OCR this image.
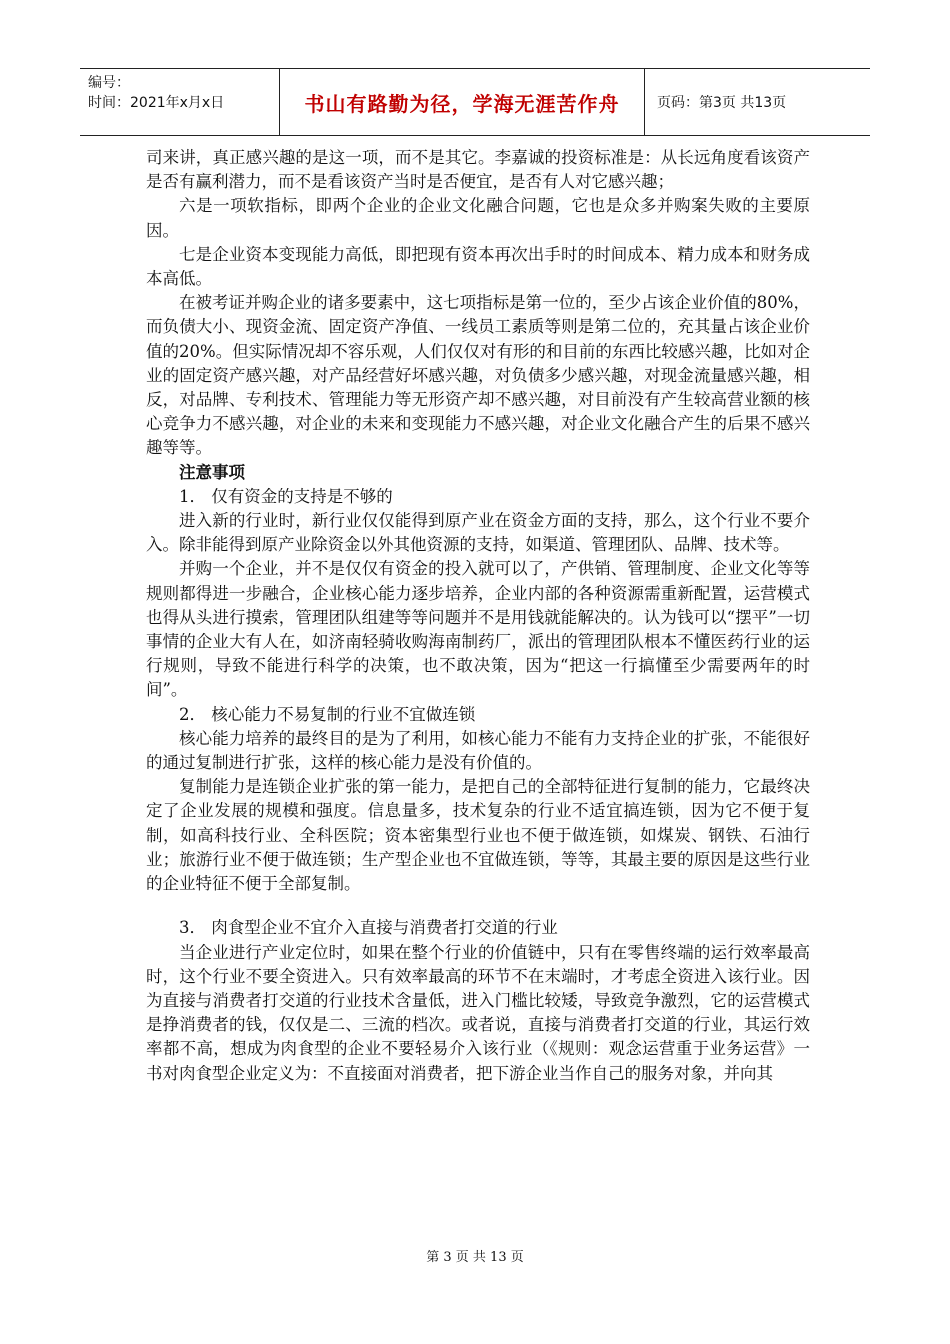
编号：
时间：2021年x月x日	书山有路勤为径，学海无涯苦作舟	页码：第3页 共13页

司来讲，真正感兴趣的是这一项，而不是其它。李嘉诚的投资标准是：从长远角度看该资产是否有赢利潜力，而不是看该资产当时是否便宜，是否有人对它感兴趣；

六是一项软指标，即两个企业的企业文化融合问题，它也是众多并购案失败的主要原因。

七是企业资本变现能力高低，即把现有资本再次出手时的时间成本、精力成本和财务成本高低。

在被考证并购企业的诸多要素中，这七项指标是第一位的，至少占该企业价值的80%，而负债大小、现资金流、固定资产净值、一线员工素质等则是第二位的，充其量占该企业价值的20%。但实际情况却不容乐观，人们仅仅对有形的和目前的东西比较感兴趣，比如对企业的固定资产感兴趣，对产品经营好坏感兴趣，对负债多少感兴趣，对现金流量感兴趣，相反，对品牌、专利技术、管理能力等无形资产却不感兴趣，对目前没有产生较高营业额的核心竞争力不感兴趣，对企业的未来和变现能力不感兴趣，对企业文化融合产生的后果不感兴趣等等。

注意事项
1． 仅有资金的支持是不够的

进入新的行业时，新行业仅仅能得到原产业在资金方面的支持，那么，这个行业不要介入。除非能得到原产业除资金以外其他资源的支持，如渠道、管理团队、品牌、技术等。

并购一个企业，并不是仅仅有资金的投入就可以了，产供销、管理制度、企业文化等等规则都得进一步融合，企业核心能力逐步培养，企业内部的各种资源需重新配置，运营模式也得从头进行摸索，管理团队组建等等问题并不是用钱就能解决的。认为钱可以“摆平”一切事情的企业大有人在，如济南轻骑收购海南制药厂，派出的管理团队根本不懂医药行业的运行规则，导致不能进行科学的决策，也不敢决策，因为“把这一行搞懂至少需要两年的时间”。

2． 核心能力不易复制的行业不宜做连锁

核心能力培养的最终目的是为了利用，如核心能力不能有力支持企业的扩张，不能很好的通过复制进行扩张，这样的核心能力是没有价值的。

复制能力是连锁企业扩张的第一能力，是把自己的全部特征进行复制的能力，它最终决定了企业发展的规模和强度。信息量多，技术复杂的行业不适宜搞连锁，因为它不便于复制，如高科技行业、全科医院；资本密集型行业也不便于做连锁，如煤炭、钢铁、石油行业；旅游行业不便于做连锁；生产型企业也不宜做连锁，等等，其最主要的原因是这些行业的企业特征不便于全部复制。

3． 肉食型企业不宜介入直接与消费者打交道的行业

当企业进行产业定位时，如果在整个行业的价值链中，只有在零售终端的运行效率最高时，这个行业不要全资进入。只有效率最高的环节不在末端时，才考虑全资进入该行业。因为直接与消费者打交道的行业技术含量低，进入门槛比较矮，导致竞争激烈，它的运营模式是挣消费者的钱，仅仅是二、三流的档次。或者说，直接与消费者打交道的行业，其运行效率都不高，想成为肉食型的企业不要轻易介入该行业（《规则：观念运营重于业务运营》一书对肉食型企业定义为：不直接面对消费者，把下游企业当作自己的服务对象，并向其

第 3 页 共 13 页
